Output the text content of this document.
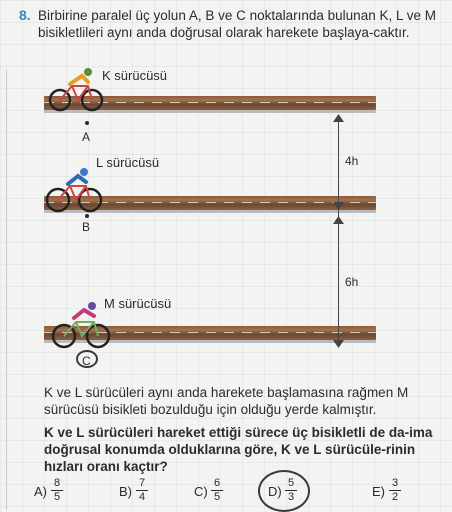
8. Birbirine paralel üç yolun A, B ve C noktalarında bulunan K, L ve M bisikletlileri aynı anda doğrusal olarak harekete başlaya-caktır.
K sürücüsü
A
L sürücüsü
B
M sürücüsü
C
4h
6h
K ve L sürücüleri aynı anda harekete başlamasına rağmen M sürücüsü bisikleti bozulduğu için olduğu yerde kalmıştır.
K ve L sürücüleri hareket ettiği sürece üç bisikletli de da-ima doğrusal konumda olduklarına göre, K ve L sürücüle-rinin hızları oranı kaçtır?
A)
8
5	B)
7
4	C)
6
5	D)
5
3	E)
3
2
